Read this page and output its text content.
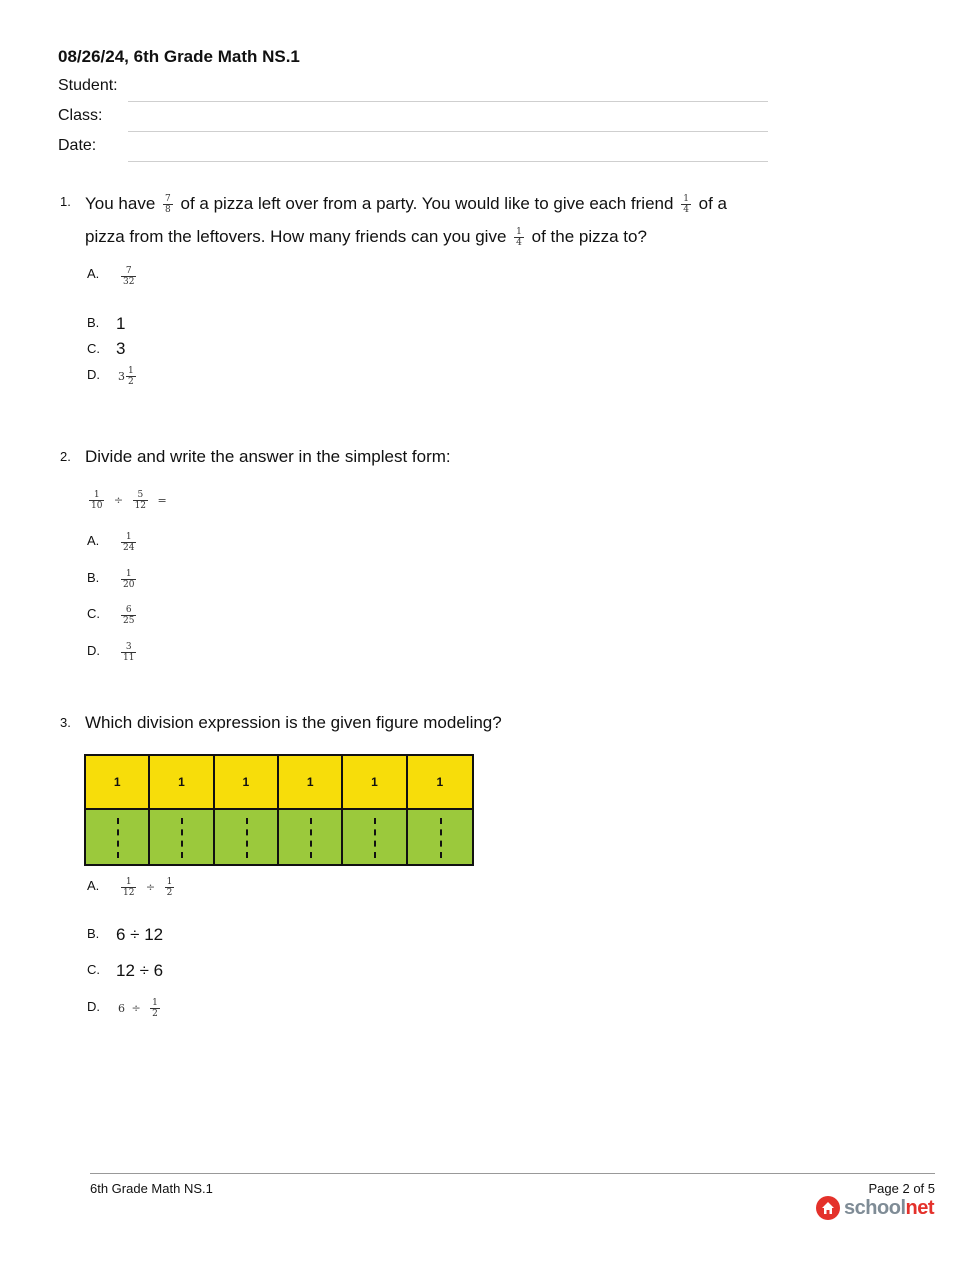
08/26/24, 6th Grade Math NS.1
Student:
Class:
Date:
1. You have $\frac{7}{8}$ of a pizza left over from a party. You would like to give each friend $\frac{1}{4}$ of a
pizza from the leftovers. How many friends can you give $\frac{1}{4}$ of the pizza to?
A. $\frac{7}{32}$
B. 1
C. 3
D. $3 \frac{1}{2}$
2. Divide and write the answer in the simplest form:
$\frac{1}{10} \div \frac{5}{12}$ =
A. $\frac{1}{24}$
B. $\frac{1}{20}$
C. $\frac{6}{25}$
D. $\frac{3}{11}$
3. Which division expression is the given figure modeling?
1	1	1	1	1	1
A. $\frac{1}{12} \div \frac{1}{2}$
B. 6 ÷ 12
C. 12 ÷ 6
D. $6 \div \frac{1}{2}$
6th Grade Math NS.1	Page 2 of 5
schoolnet
